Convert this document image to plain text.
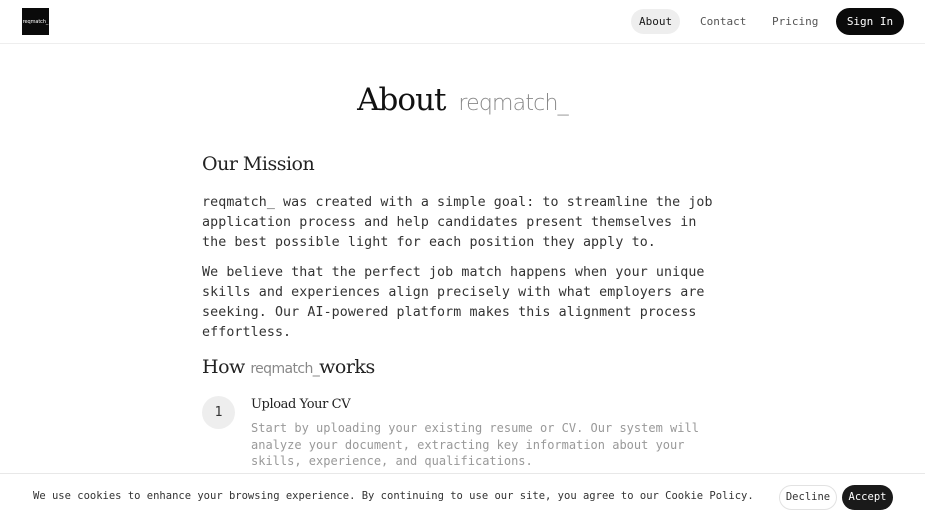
reqmatch_	About	Contact	Pricing	Sign In
About reqmatch_
Our Mission

reqmatch_ was created with a simple goal: to streamline the job application process and help candidates present themselves in the best possible light for each position they apply to.

We believe that the perfect job match happens when your unique skills and experiences align precisely with what employers are seeking. Our AI-powered platform makes this alignment process effortless.

How reqmatch_works
1
Upload Your CV

Start by uploading your existing resume or CV. Our system will analyze your document, extracting key information about your skills, experience, and qualifications.

We use cookies to enhance your browsing experience. By continuing to use our site, you agree to our Cookie Policy.	Decline	Accept
